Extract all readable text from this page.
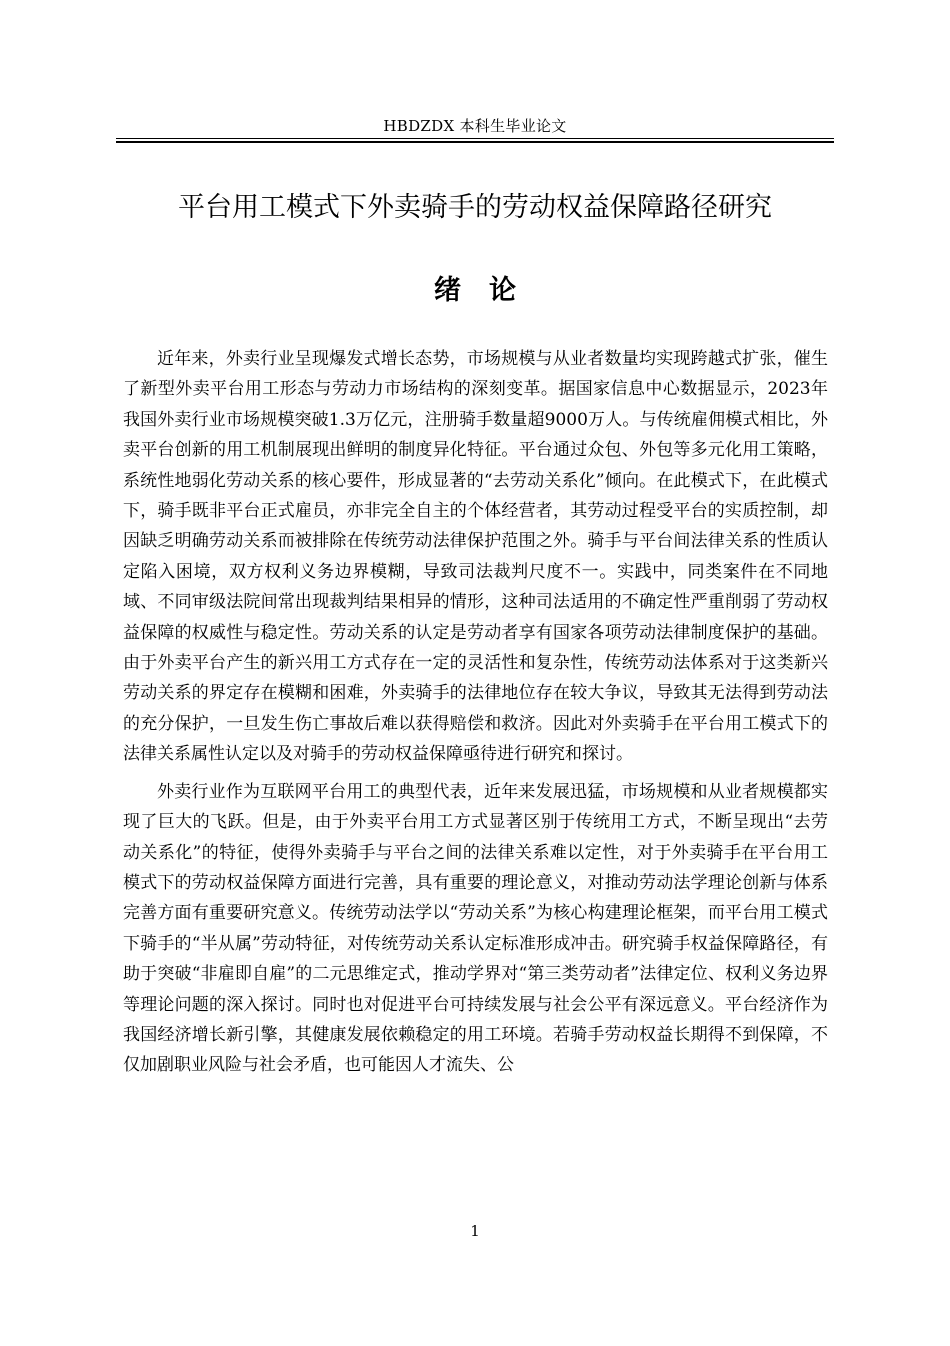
HBDZDX 本科生毕业论文
平台用工模式下外卖骑手的劳动权益保障路径研究
绪论

近年来，外卖行业呈现爆发式增长态势，市场规模与从业者数量均实现跨越式扩张，催生了新型外卖平台用工形态与劳动力市场结构的深刻变革。据国家信息中心数据显示，2023年我国外卖行业市场规模突破1.3万亿元，注册骑手数量超9000万人。与传统雇佣模式相比，外卖平台创新的用工机制展现出鲜明的制度异化特征。平台通过众包、外包等多元化用工策略，系统性地弱化劳动关系的核心要件，形成显著的“去劳动关系化”倾向。在此模式下，在此模式下，骑手既非平台正式雇员，亦非完全自主的个体经营者，其劳动过程受平台的实质控制，却因缺乏明确劳动关系而被排除在传统劳动法律保护范围之外。骑手与平台间法律关系的性质认定陷入困境，双方权利义务边界模糊，导致司法裁判尺度不一。实践中，同类案件在不同地域、不同审级法院间常出现裁判结果相异的情形，这种司法适用的不确定性严重削弱了劳动权益保障的权威性与稳定性。劳动关系的认定是劳动者享有国家各项劳动法律制度保护的基础。由于外卖平台产生的新兴用工方式存在一定的灵活性和复杂性，传统劳动法体系对于这类新兴劳动关系的界定存在模糊和困难，外卖骑手的法律地位存在较大争议，导致其无法得到劳动法的充分保护，一旦发生伤亡事故后难以获得赔偿和救济。因此对外卖骑手在平台用工模式下的法律关系属性认定以及对骑手的劳动权益保障亟待进行研究和探讨。

外卖行业作为互联网平台用工的典型代表，近年来发展迅猛，市场规模和从业者规模都实现了巨大的飞跃。但是，由于外卖平台用工方式显著区别于传统用工方式，不断呈现出“去劳动关系化”的特征，使得外卖骑手与平台之间的法律关系难以定性，对于外卖骑手在平台用工模式下的劳动权益保障方面进行完善，具有重要的理论意义，对推动劳动法学理论创新与体系完善方面有重要研究意义。传统劳动法学以“劳动关系”为核心构建理论框架，而平台用工模式下骑手的“半从属”劳动特征，对传统劳动关系认定标准形成冲击。研究骑手权益保障路径，有助于突破“非雇即自雇”的二元思维定式，推动学界对“第三类劳动者”法律定位、权利义务边界等理论问题的深入探讨。同时也对促进平台可持续发展与社会公平有深远意义。平台经济作为我国经济增长新引擎，其健康发展依赖稳定的用工环境。若骑手劳动权益长期得不到保障，不仅加剧职业风险与社会矛盾，也可能因人才流失、公

1
